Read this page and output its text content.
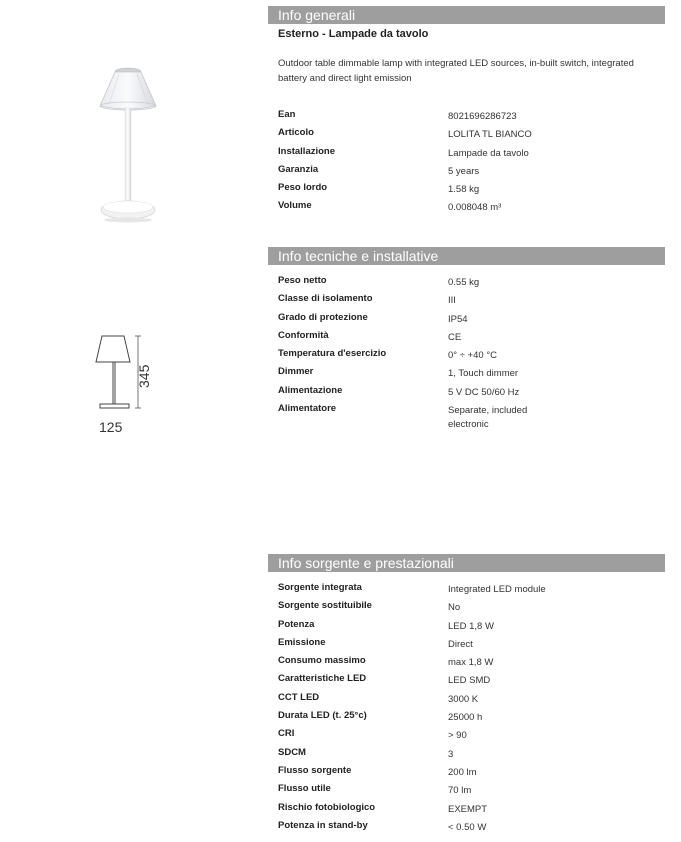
345
125
Info generali
Esterno - Lampade da tavolo
Outdoor table dimmable lamp with integrated LED sources, in-built switch, integrated battery and direct light emission
Ean	8021696286723
Articolo	LOLITA TL BIANCO
Installazione	Lampade da tavolo
Garanzia	5 years
Peso lordo	1.58 kg
Volume	0.008048 m³
Info tecniche e installative
Peso netto	0.55 kg
Classe di isolamento	III
Grado di protezione	IP54
Conformità	CE
Temperatura d'esercizio	0° ÷ +40 °C
Dimmer	1, Touch dimmer
Alimentazione	5 V DC 50/60 Hz
Alimentatore	Separate, included electronic
Info sorgente e prestazionali
Sorgente integrata	Integrated LED module
Sorgente sostituibile	No
Potenza	LED 1,8 W
Emissione	Direct
Consumo massimo	max 1,8 W
Caratteristiche LED	LED SMD
CCT LED	3000 K
Durata LED (t. 25°c)	25000 h
CRI	> 90
SDCM	3
Flusso sorgente	200 lm
Flusso utile	70 lm
Rischio fotobiologico	EXEMPT
Potenza in stand-by	< 0.50 W
